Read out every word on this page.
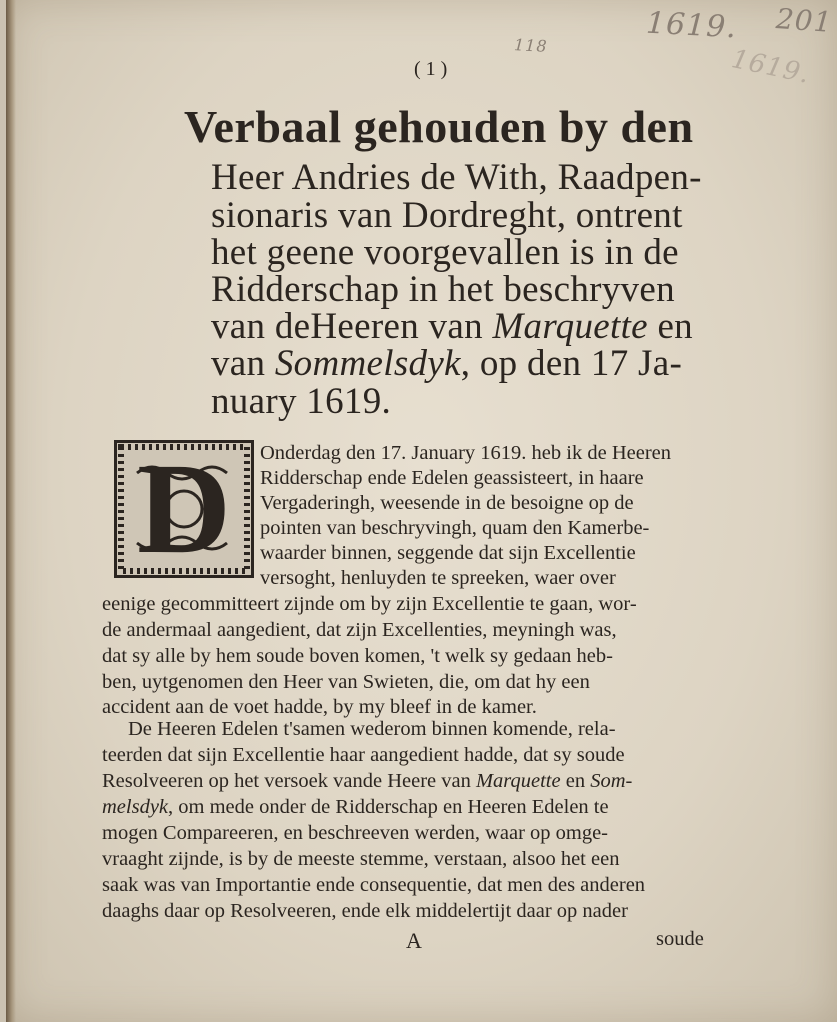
118
1619. 201
1619.
( 1 )
Verbaal gehouden by den
Heer Andries de With, Raadpen-
sionaris van Dordreght, ontrent
het geene voorgevallen is in de
Ridderschap in het beschryven
van deHeeren van Marquette en
van Sommelsdyk, op den 17 Ja-
nuary 1619.
D	Onderdag den 17. January 1619. heb ik de Heeren
Ridderschap ende Edelen geassisteert, in haare
Vergaderingh, weesende in de besoigne op de
pointen van beschryvingh, quam den Kamerbe-
waarder binnen, seggende dat sijn Excellentie
versoght, henluyden te spreeken, waer over
eenige gecommitteert zijnde om by zijn Excellentie te gaan, wor-
de andermaal aangedient, dat zijn Excellenties, meyningh was,
dat sy alle by hem soude boven komen, 't welk sy gedaan heb-
ben, uytgenomen den Heer van Swieten, die, om dat hy een
accident aan de voet hadde, by my bleef in de kamer.
De Heeren Edelen t'samen wederom binnen komende, rela-
teerden dat sijn Excellentie haar aangedient hadde, dat sy soude
Resolveeren op het versoek vande Heere van Marquette en Som-
melsdyk, om mede onder de Ridderschap en Heeren Edelen te
mogen Compareeren, en beschreeven werden, waar op omge-
vraaght zijnde, is by de meeste stemme, verstaan, alsoo het een
saak was van Importantie ende consequentie, dat men des anderen
daaghs daar op Resolveeren, ende elk middelertijt daar op nader
A	soude
